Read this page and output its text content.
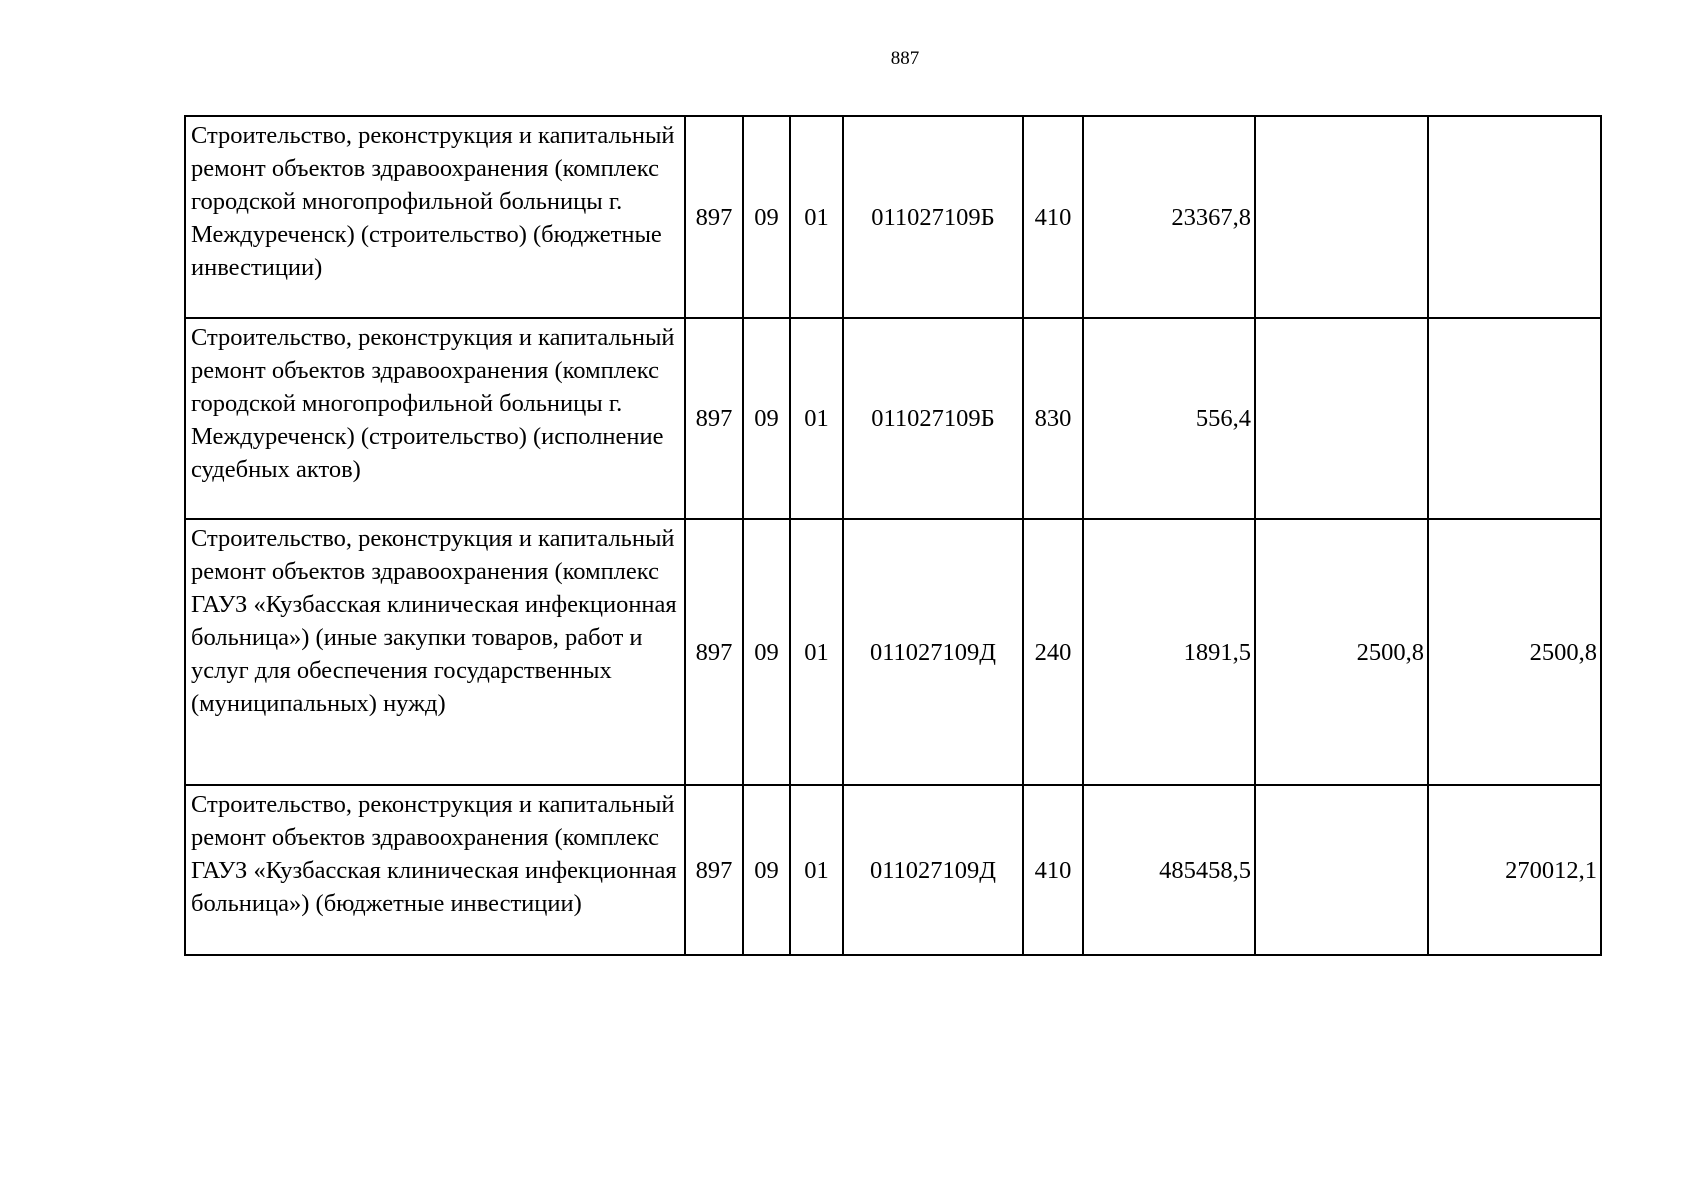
887
Строительство, реконструкция и капитальный ремонт объектов здравоохранения (комплекс городской многопрофильной больницы г. Междуреченск) (строительство) (бюджетные инвестиции)	897	09	01	011027109Б	410	23367,8		
Строительство, реконструкция и капитальный ремонт объектов здравоохранения (комплекс городской многопрофильной больницы г. Междуреченск) (строительство) (исполнение судебных актов)	897	09	01	011027109Б	830	556,4		
Строительство, реконструкция и капитальный ремонт объектов здравоохранения (комплекс ГАУЗ «Кузбасская клиническая инфекционная больница») (иные закупки товаров, работ и услуг для обеспечения государственных (муниципальных) нужд)	897	09	01	011027109Д	240	1891,5	2500,8	2500,8
Строительство, реконструкция и капитальный ремонт объектов здравоохранения (комплекс ГАУЗ «Кузбасская клиническая инфекционная больница») (бюджетные инвестиции)	897	09	01	011027109Д	410	485458,5		270012,1
